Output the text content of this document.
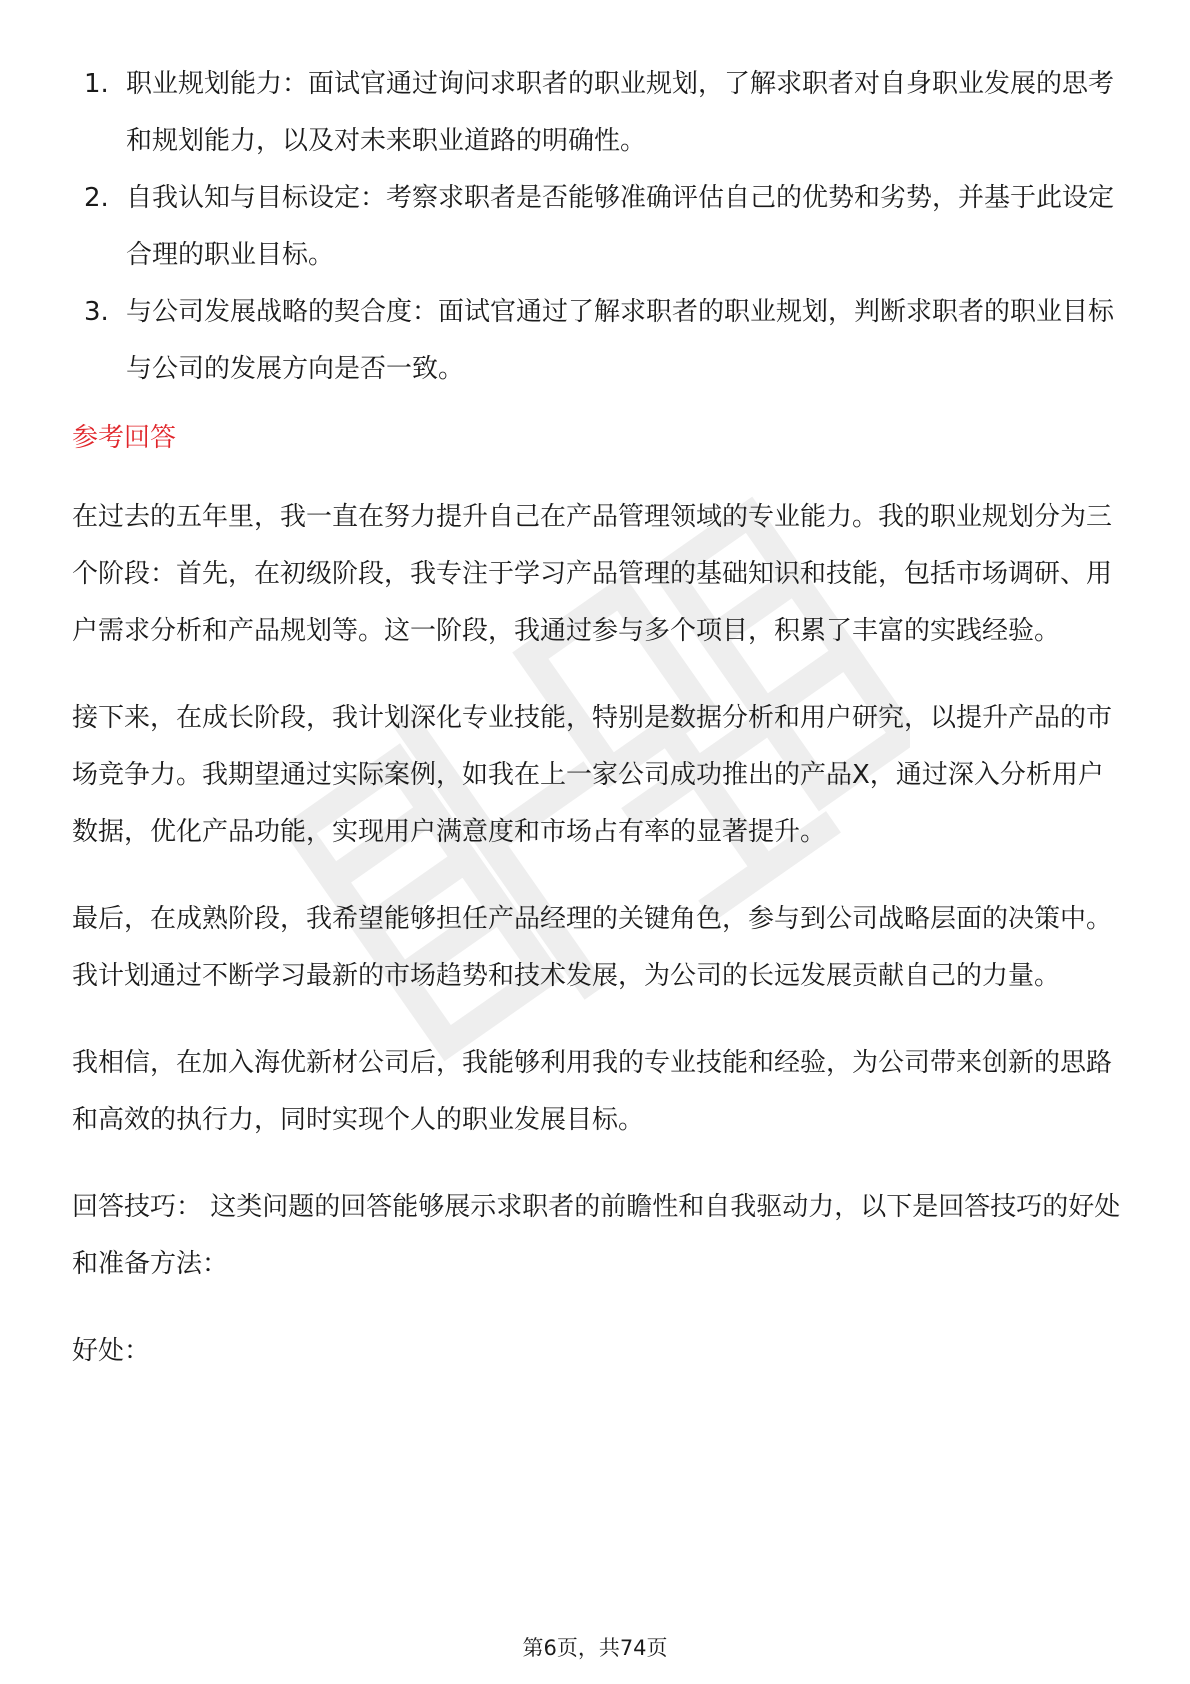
1. 职业规划能力：面试官通过询问求职者的职业规划，了解求职者对自身职业发展的思考和规划能力，以及对未来职业道路的明确性。
2. 自我认知与目标设定：考察求职者是否能够准确评估自己的优势和劣势，并基于此设定合理的职业目标。
3. 与公司发展战略的契合度：面试官通过了解求职者的职业规划，判断求职者的职业目标与公司的发展方向是否一致。
参考回答

在过去的五年里，我一直在努力提升自己在产品管理领域的专业能力。我的职业规划分为三个阶段：首先，在初级阶段，我专注于学习产品管理的基础知识和技能，包括市场调研、用户需求分析和产品规划等。这一阶段，我通过参与多个项目，积累了丰富的实践经验。

接下来，在成长阶段，我计划深化专业技能，特别是数据分析和用户研究，以提升产品的市场竞争力。我期望通过实际案例，如我在上一家公司成功推出的产品X，通过深入分析用户数据，优化产品功能，实现用户满意度和市场占有率的显著提升。

最后，在成熟阶段，我希望能够担任产品经理的关键角色，参与到公司战略层面的决策中。我计划通过不断学习最新的市场趋势和技术发展，为公司的长远发展贡献自己的力量。

我相信，在加入海优新材公司后，我能够利用我的专业技能和经验，为公司带来创新的思路和高效的执行力，同时实现个人的职业发展目标。

回答技巧： 这类问题的回答能够展示求职者的前瞻性和自我驱动力，以下是回答技巧的好处和准备方法：

好处：

第6页，共74页
